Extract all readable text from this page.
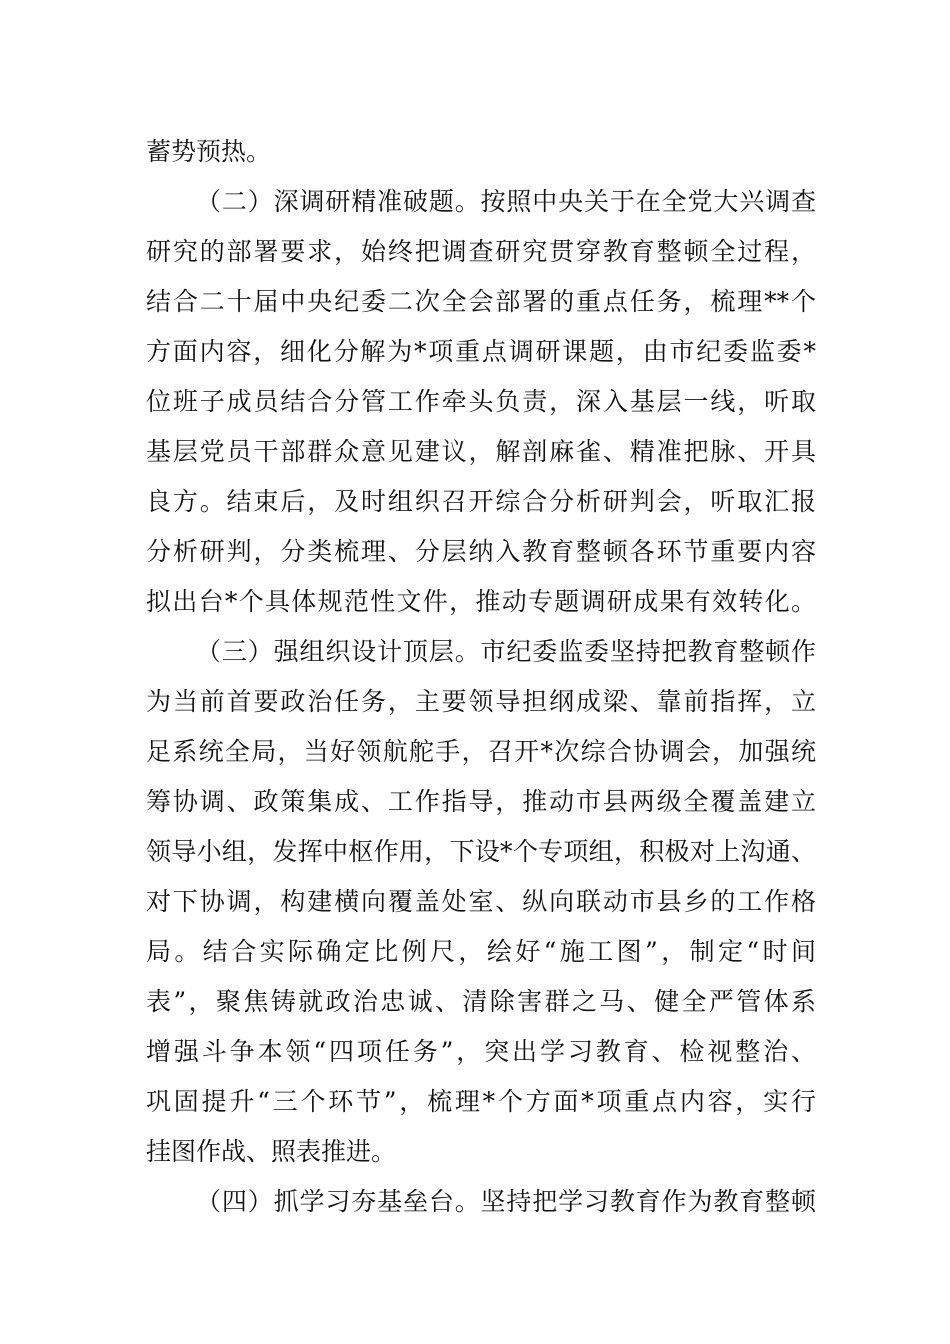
蓄势预热。
（二）深调研精准破题。按照中央关于在全党大兴调查
研究的部署要求，始终把调查研究贯穿教育整顿全过程，
结合二十届中央纪委二次全会部署的重点任务，梳理**个
方面内容，细化分解为*项重点调研课题，由市纪委监委*
位班子成员结合分管工作牵头负责，深入基层一线，听取
基层党员干部群众意见建议，解剖麻雀、精准把脉、开具
良方。结束后，及时组织召开综合分析研判会，听取汇报
分析研判，分类梳理、分层纳入教育整顿各环节重要内容
拟出台*个具体规范性文件，推动专题调研成果有效转化。
（三）强组织设计顶层。市纪委监委坚持把教育整顿作
为当前首要政治任务，主要领导担纲成梁、靠前指挥，立
足系统全局，当好领航舵手，召开*次综合协调会，加强统
筹协调、政策集成、工作指导，推动市县两级全覆盖建立
领导小组，发挥中枢作用，下设*个专项组，积极对上沟通、
对下协调，构建横向覆盖处室、纵向联动市县乡的工作格
局。结合实际确定比例尺，绘好“施工图”，制定“时间
表”，聚焦铸就政治忠诚、清除害群之马、健全严管体系
增强斗争本领“四项任务”，突出学习教育、检视整治、
巩固提升“三个环节”，梳理*个方面*项重点内容，实行
挂图作战、照表推进。
（四）抓学习夯基垒台。坚持把学习教育作为教育整顿
